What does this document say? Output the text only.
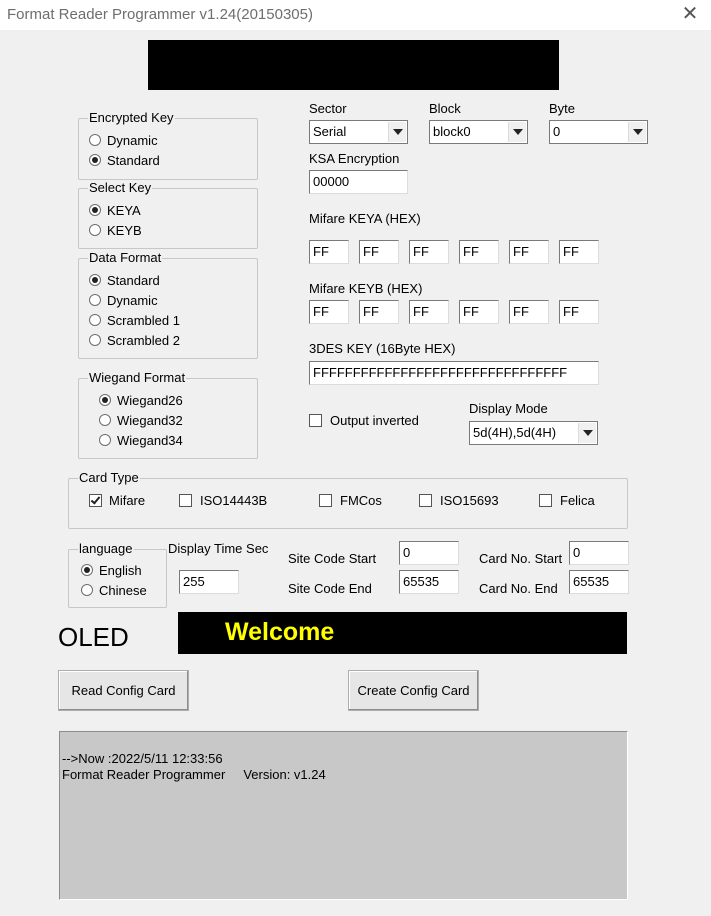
Format Reader Programmer v1.24(20150305)	✕
Encrypted Key
Dynamic
Standard
Select Key
KEYA
KEYB
Data Format
Standard
Dynamic
Scrambled 1
Scrambled 2
Wiegand Format
Wiegand26
Wiegand32
Wiegand34
Sector
Serial
Block
block0
Byte
0
KSA Encryption
00000
Mifare KEYA (HEX)
FF	FF	FF	FF	FF	FF
Mifare KEYB (HEX)
FF	FF	FF	FF	FF	FF
3DES KEY (16Byte HEX)
FFFFFFFFFFFFFFFFFFFFFFFFFFFFFFFF
Output inverted
Display Mode
5d(4H),5d(4H)
Card Type
Mifare	ISO14443B	FMCos	ISO15693	Felica
language
English
Chinese
Display Time Sec
255
Site Code Start	0
Site Code End	65535
Card No. Start 0
Card No. End	65535
OLED	Welcome
Read Config Card	Create Config Card
-->Now :2022/5/11 12:33:56
Format Reader Programmer     Version: v1.24
